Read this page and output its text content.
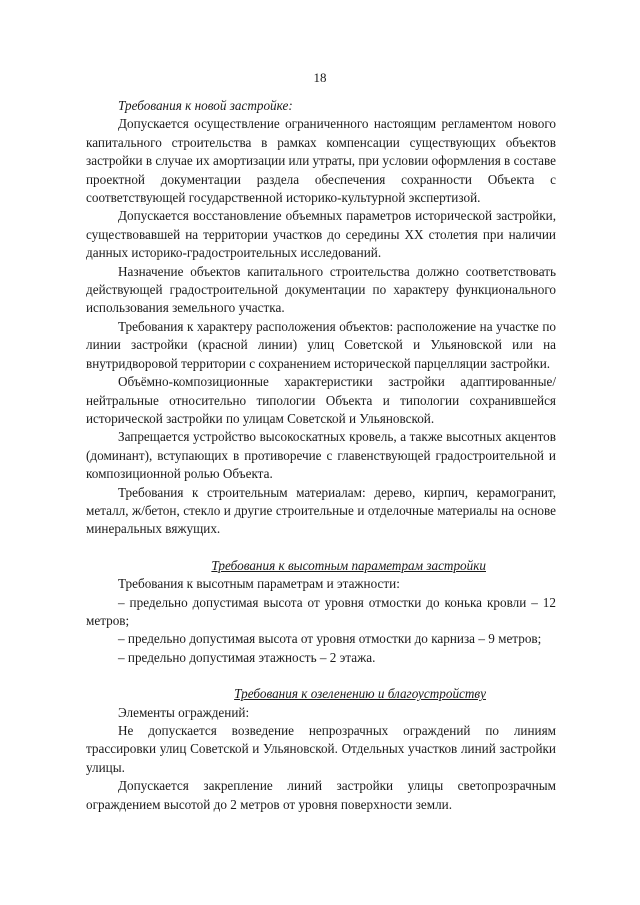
18

Требования к новой застройке:

Допускается осуществление ограниченного настоящим регламентом нового капитального строительства в рамках компенсации существующих объектов застройки в случае их амортизации или утраты, при условии оформления в составе проектной документации раздела обеспечения сохранности Объекта с соответствующей государственной историко-культурной экспертизой.

Допускается восстановление объемных параметров исторической застройки, существовавшей на территории участков до середины XX столетия при наличии данных историко-градостроительных исследований.

Назначение объектов капитального строительства должно соответствовать действующей градостроительной документации по характеру функционального использования земельного участка.

Требования к характеру расположения объектов: расположение на участке по линии застройки (красной линии) улиц Советской и Ульяновской или на внутридворовой территории с сохранением исторической парцелляции застройки.

Объёмно-композиционные характеристики застройки адаптированные/ нейтральные относительно типологии Объекта и типологии сохранившейся исторической застройки по улицам Советской и Ульяновской.

Запрещается устройство высокоскатных кровель, а также высотных акцентов (доминант), вступающих в противоречие с главенствующей градостроительной и композиционной ролью Объекта.

Требования к строительным материалам: дерево, кирпич, керамогранит, металл, ж/бетон, стекло и другие строительные и отделочные материалы на основе минеральных вяжущих.

Требования к высотным параметрам застройки

Требования к высотным параметрам и этажности:

– предельно допустимая высота от уровня отмостки до конька кровли – 12 метров;

– предельно допустимая высота от уровня отмостки до карниза – 9 метров;

– предельно допустимая этажность – 2 этажа.

Требования к озеленению и благоустройству

Элементы ограждений:

Не допускается возведение непрозрачных ограждений по линиям трассировки улиц Советской и Ульяновской. Отдельных участков линий застройки улицы.

Допускается закрепление линий застройки улицы светопрозрачным ограждением высотой до 2 метров от уровня поверхности земли.
